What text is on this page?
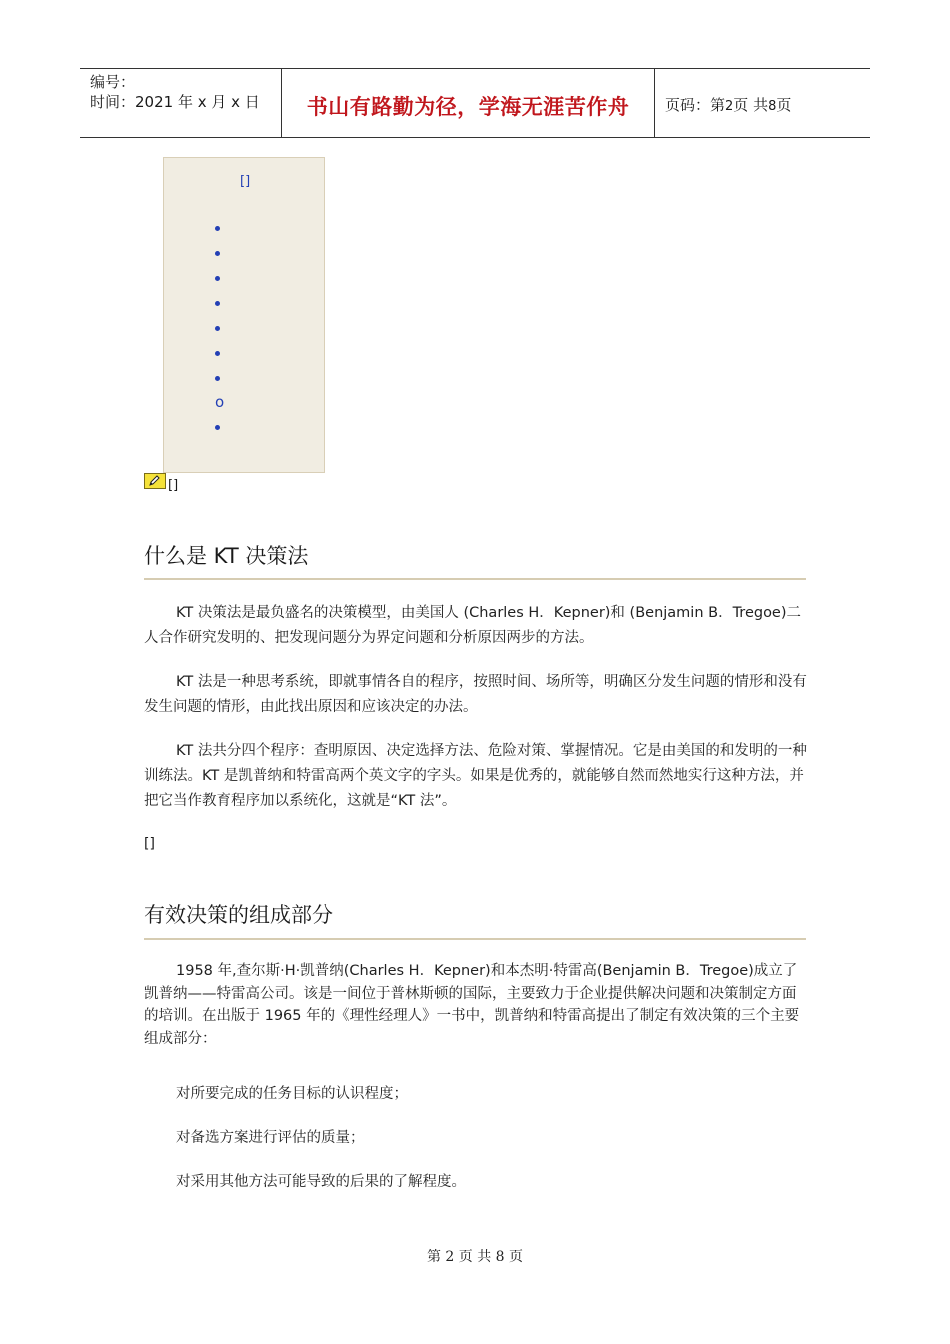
编号：
时间：2021 年 x 月 x 日	书山有路勤为径，学海无涯苦作舟	页码：第2页 共8页
[]
o
[]
什么是 KT 决策法

KT 决策法是最负盛名的决策模型，由美国人 (Charles H．Kepner)和 (Benjamin B．Tregoe)二人合作研究发明的、把发现问题分为界定问题和分析原因两步的方法。

KT 法是一种思考系统，即就事情各自的程序，按照时间、场所等，明确区分发生问题的情形和没有发生问题的情形，由此找出原因和应该决定的办法。

KT 法共分四个程序：查明原因、决定选择方法、危险对策、掌握情况。它是由美国的和发明的一种训练法。KT 是凯普纳和特雷高两个英文字的字头。如果是优秀的，就能够自然而然地实行这种方法，并把它当作教育程序加以系统化，这就是“KT 法”。

[]
有效决策的组成部分

1958 年,查尔斯·H·凯普纳(Charles H．Kepner)和本杰明·特雷高(Benjamin B．Tregoe)成立了凯普纳——特雷高公司。该是一间位于普林斯顿的国际，主要致力于企业提供解决问题和决策制定方面的培训。在出版于 1965 年的《理性经理人》一书中，凯普纳和特雷高提出了制定有效决策的三个主要组成部分：

对所要完成的任务目标的认识程度；

对备选方案进行评估的质量；

对采用其他方法可能导致的后果的了解程度。

第 2 页 共 8 页
